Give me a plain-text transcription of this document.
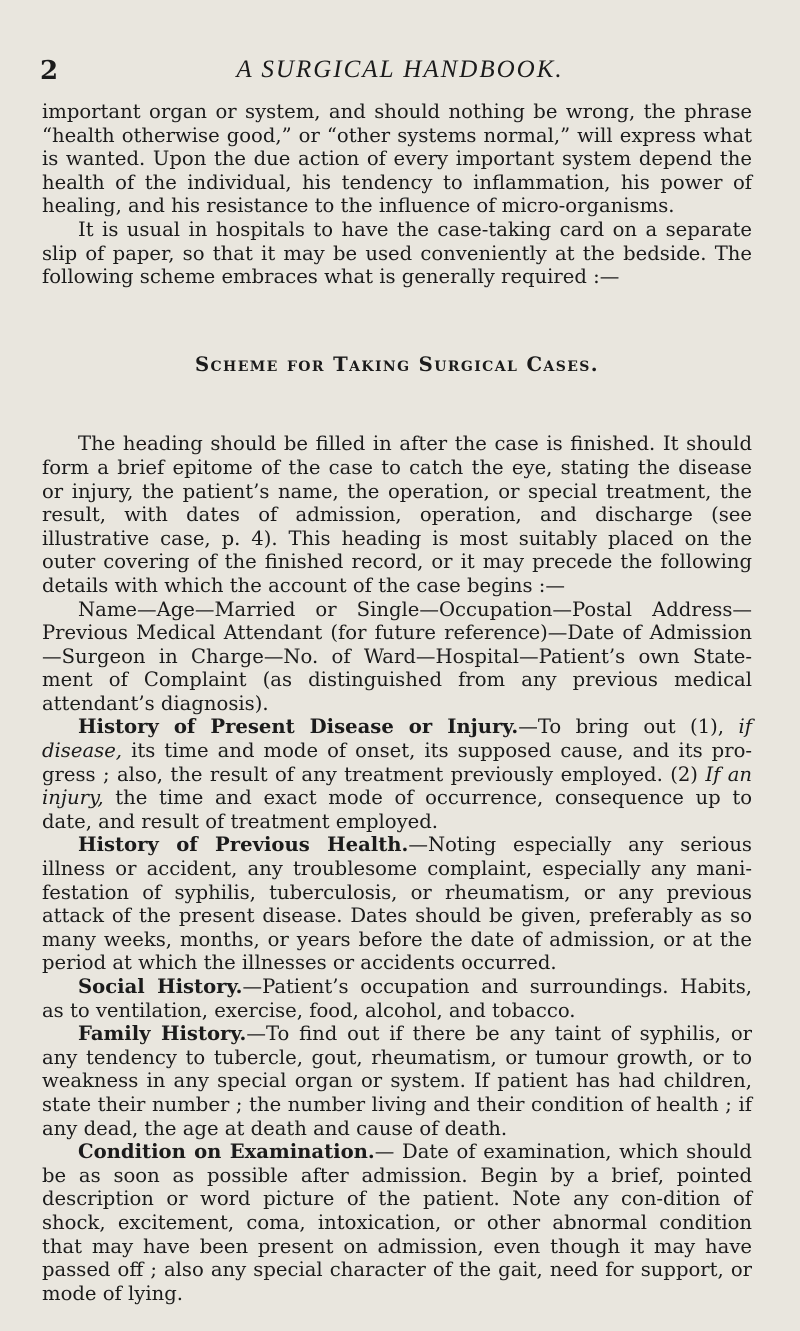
2	A SURGICAL HANDBOOK.

important organ or system, and should nothing be wrong, the phrase “health otherwise good,” or “other systems normal,” will express what is wanted. Upon the due action of every important system depend the health of the individual, his tendency to inflammation, his power of healing, and his resistance to the influence of micro-organisms.

It is usual in hospitals to have the case-taking card on a separate slip of paper, so that it may be used conveniently at the bedside. The following scheme embraces what is generally required :—

Scheme for Taking Surgical Cases.

The heading should be filled in after the case is finished. It should form a brief epitome of the case to catch the eye, stating the disease or injury, the patient’s name, the operation, or special treatment, the result, with dates of admission, operation, and discharge (see illustrative case, p. 4). This heading is most suitably placed on the outer covering of the finished record, or it may precede the following details with which the account of the case begins :—

Name—Age—Married or Single—Occupation—Postal Address—Previous Medical Attendant (for future reference)—Date of Admission—Surgeon in Charge—No. of Ward—Hospital—Patient’s own State-ment of Complaint (as distinguished from any previous medical attendant’s diagnosis).

History of Present Disease or Injury.—To bring out (1), if disease, its time and mode of onset, its supposed cause, and its pro-gress ; also, the result of any treatment previously employed. (2) If an injury, the time and exact mode of occurrence, consequence up to date, and result of treatment employed.

History of Previous Health.—Noting especially any serious illness or accident, any troublesome complaint, especially any mani-festation of syphilis, tuberculosis, or rheumatism, or any previous attack of the present disease. Dates should be given, preferably as so many weeks, months, or years before the date of admission, or at the period at which the illnesses or accidents occurred.

Social History.—Patient’s occupation and surroundings. Habits, as to ventilation, exercise, food, alcohol, and tobacco.

Family History.—To find out if there be any taint of syphilis, or any tendency to tubercle, gout, rheumatism, or tumour growth, or to weakness in any special organ or system. If patient has had children, state their number ; the number living and their condition of health ; if any dead, the age at death and cause of death.

Condition on Examination.— Date of examination, which should be as soon as possible after admission. Begin by a brief, pointed description or word picture of the patient. Note any con-dition of shock, excitement, coma, intoxication, or other abnormal condition that may have been present on admission, even though it may have passed off ; also any special character of the gait, need for support, or mode of lying.
